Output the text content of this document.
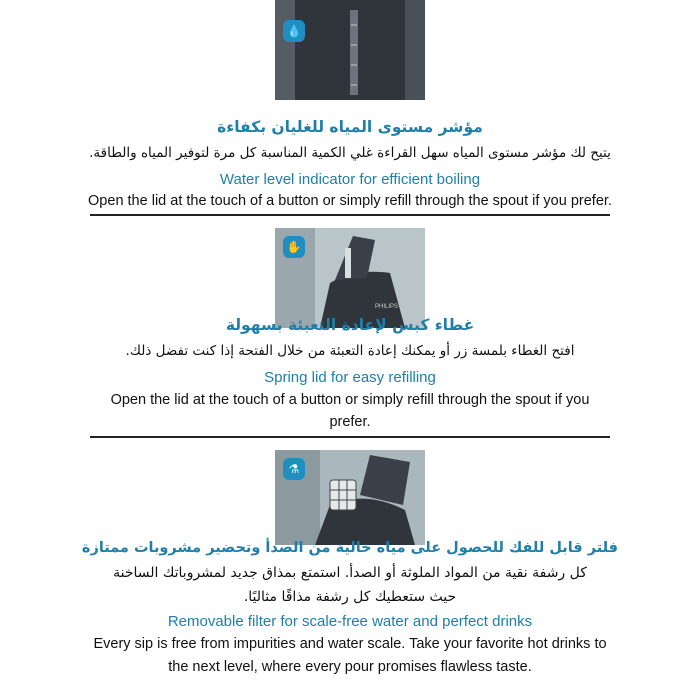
💧
مؤشر مستوى المياه للغليان بكفاءة
يتيح لك مؤشر مستوى المياه سهل القراءة غلي الكمية المناسبة كل مرة لتوفير المياه والطاقة.
Water level indicator for efficient boiling
Open the lid at the touch of a button or simply refill through the spout if you prefer.
PHILIPS
✋
غطاء كبس لإعادة التعبئة بسهولة
افتح الغطاء بلمسة زر أو يمكنك إعادة التعبئة من خلال الفتحة إذا كنت تفضل ذلك.
Spring lid for easy refilling
Open the lid at the touch of a button or simply refill through the spout if you
prefer.
⚗
فلتر قابل للفك للحصول على مياه خالية من الصدأ وتحضير مشروبات ممتازة
كل رشفة نقية من المواد الملوثة أو الصدأ. استمتع بمذاق جديد لمشروباتك الساخنة
حيث ستعطيك كل رشفة مذاقًا مثاليًا.
Removable filter for scale-free water and perfect drinks
Every sip is free from impurities and water scale. Take your favorite hot drinks to
the next level, where every pour promises flawless taste.
